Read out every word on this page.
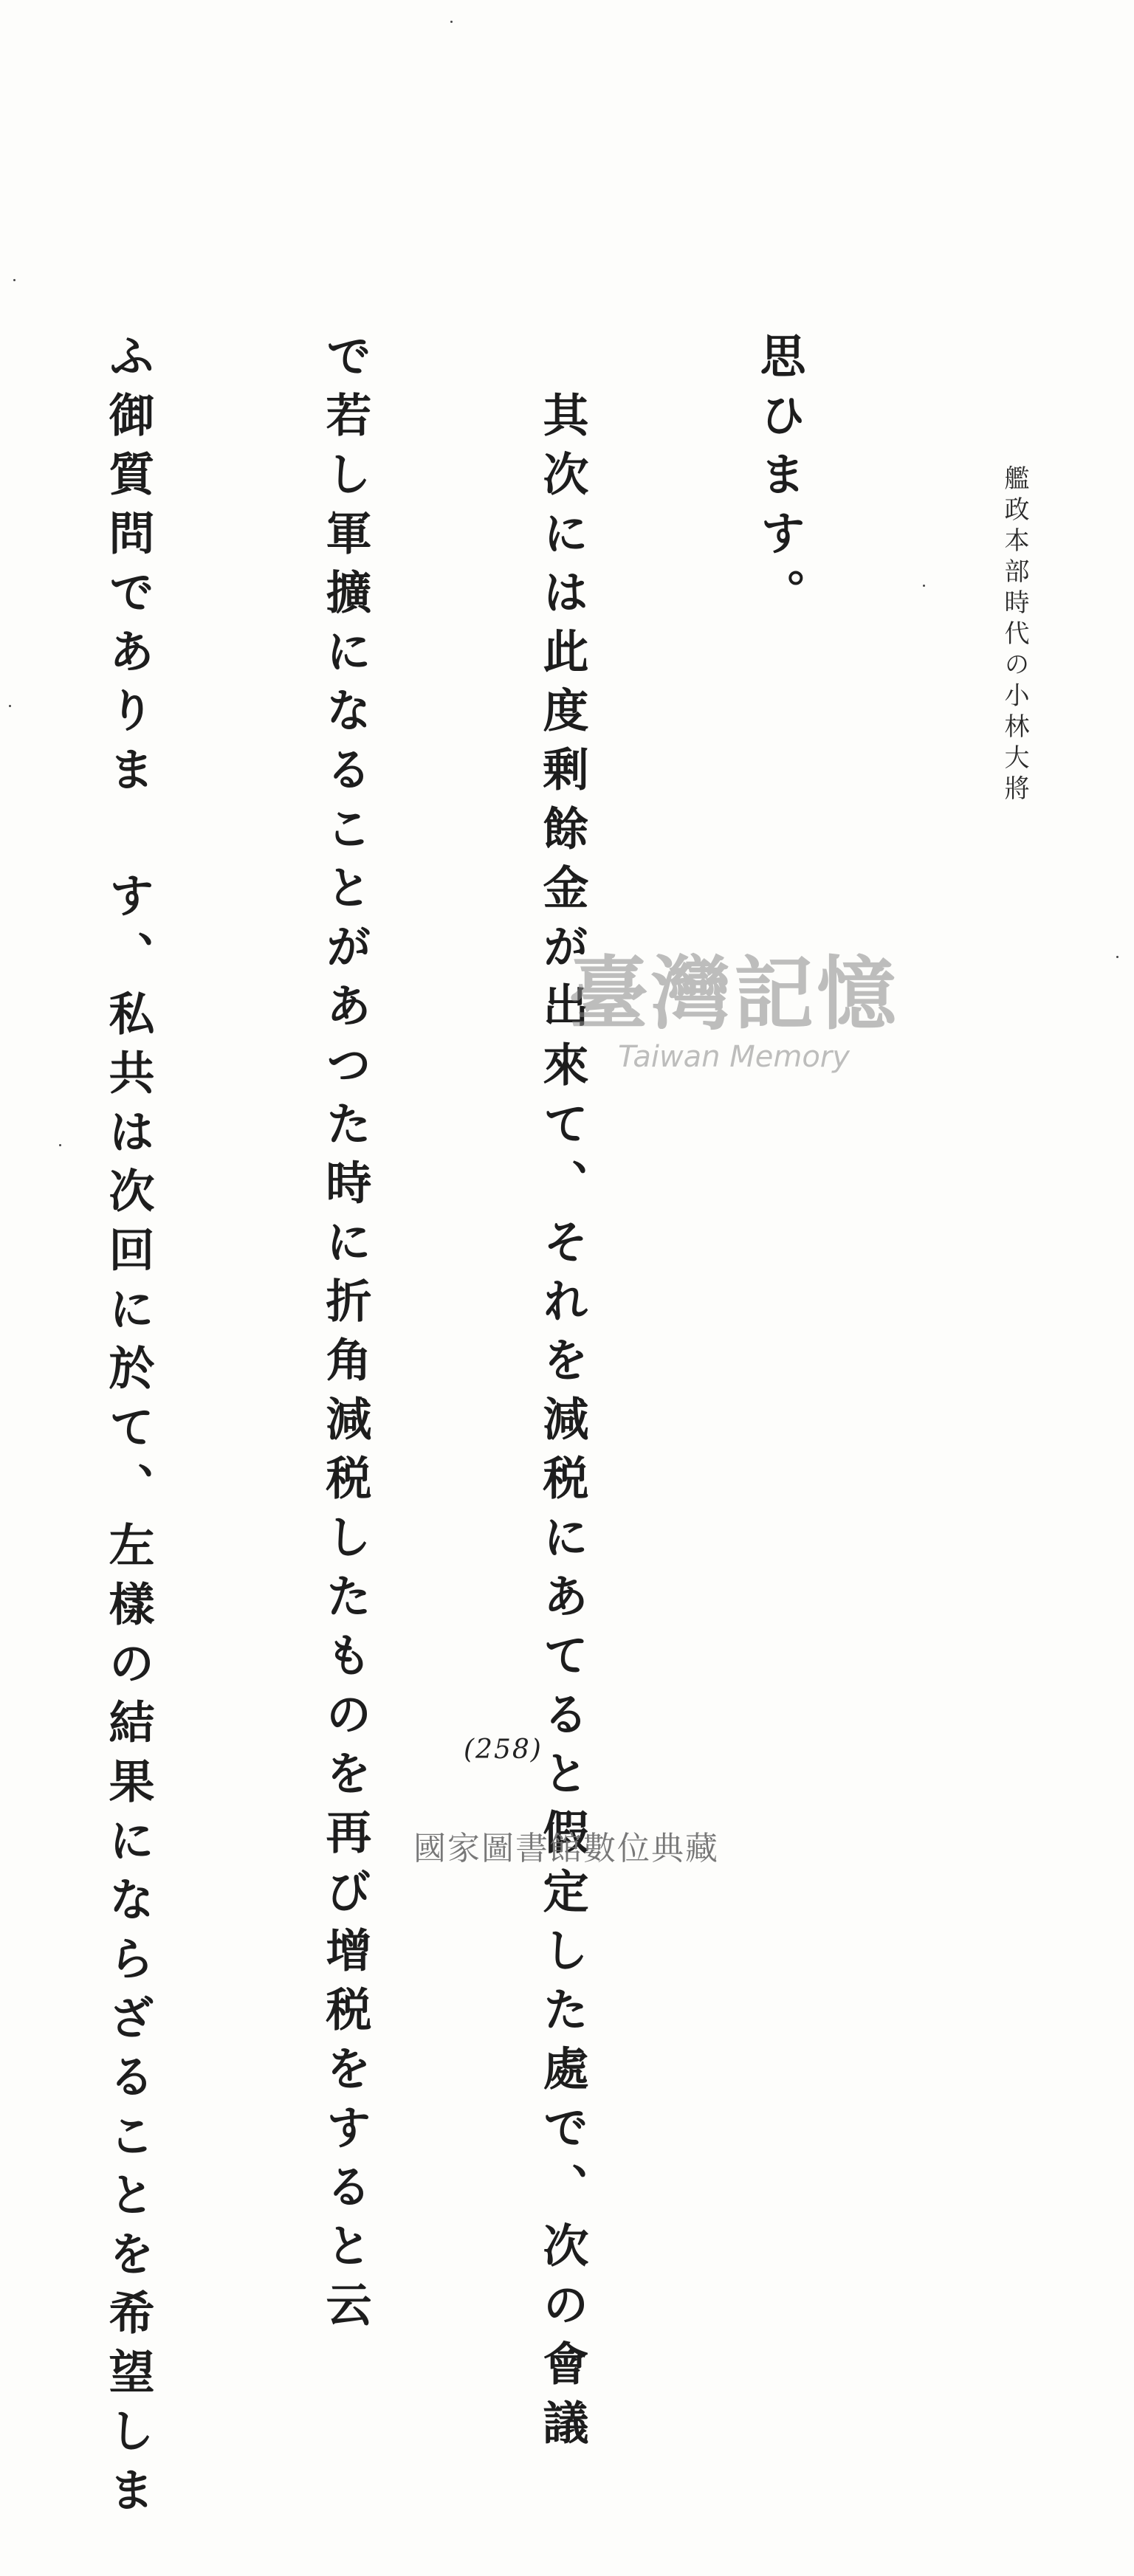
艦政本部時代の小林大將

思ひます。

　其次には此度剰餘金が出來て、それを減税にあてると假定した處で、次の會議

で若し軍擴になることがあつた時に折角減税したものを再び增税をすると云

ふ御質問でありま す、私共は次回に於て、左樣の結果にならざることを希望しま

	臺灣記憶
Taiwan Memory
(258)
國家圖書館數位典藏
